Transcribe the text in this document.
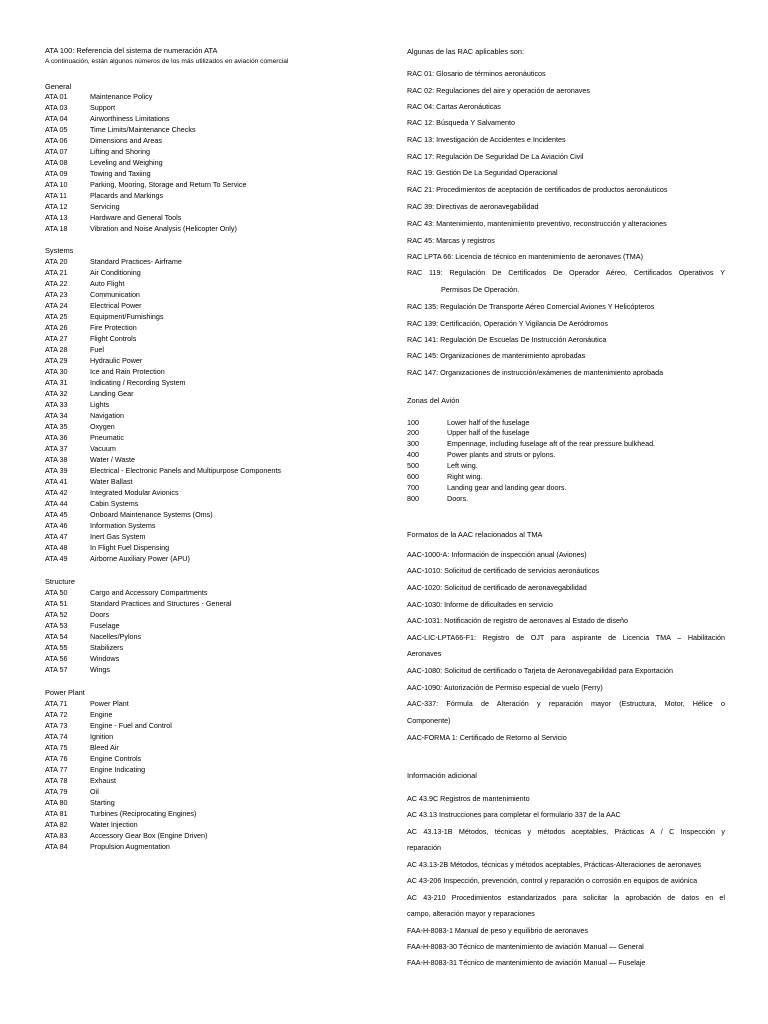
ATA 100: Referencia del sistema de numeración ATA
A continuación, están algunos números de los más utilizados en aviación comercial
General
ATA 01	Maintenance Policy
ATA 03	Support
ATA 04	Airworthiness Limitations
ATA 05	Time Limits/Maintenance Checks
ATA 06	Dimensions and Areas
ATA 07	Lifting and Shoring
ATA 08	Leveling and Weighing
ATA 09	Towing and Taxiing
ATA 10	Parking, Mooring, Storage and Return To Service
ATA 11	Placards and Markings
ATA 12	Servicing
ATA 13	Hardware and General Tools
ATA 18	Vibration and Noise Analysis (Helicopter Only)
Systems
ATA 20	Standard Practices- Airframe
ATA 21	Air Conditioning
ATA 22	Auto Flight
ATA 23	Communication
ATA 24	Electrical Power
ATA 25	Equipment/Furnishings
ATA 26	Fire Protection
ATA 27	Flight Controls
ATA 28	Fuel
ATA 29	Hydraulic Power
ATA 30	Ice and Rain Protection
ATA 31	Indicating / Recording System
ATA 32	Landing Gear
ATA 33	Lights
ATA 34	Navigation
ATA 35	Oxygen
ATA 36	Pneumatic
ATA 37	Vacuum
ATA 38	Water / Waste
ATA 39	Electrical - Electronic Panels and Multipurpose Components
ATA 41	Water Ballast
ATA 42	Integrated Modular Avionics
ATA 44	Cabin Systems
ATA 45	Onboard Maintenance Systems (Oms)
ATA 46	Information Systems
ATA 47	Inert Gas System
ATA 48	In Flight Fuel Dispensing
ATA 49	Airborne Auxiliary Power (APU)
Structure
ATA 50	Cargo and Accessory Compartments
ATA 51	Standard Practices and Structures - General
ATA 52	Doors
ATA 53	Fuselage
ATA 54	Nacelles/Pylons
ATA 55	Stabilizers
ATA 56	Windows
ATA 57	Wings
Power Plant
ATA 71	Power Plant
ATA 72	Engine
ATA 73	Engine - Fuel and Control
ATA 74	Ignition
ATA 75	Bleed Air
ATA 76	Engine Controls
ATA 77	Engine Indicating
ATA 78	Exhaust
ATA 79	Oil
ATA 80	Starting
ATA 81	Turbines (Reciprocating Engines)
ATA 82	Water Injection
ATA 83	Accessory Gear Box (Engine Driven)
ATA 84	Propulsion Augmentation
Algunas de las RAC aplicables son:
RAC 01: Glosario de términos aeronáuticos
RAC 02: Regulaciones del aire y operación de aeronaves
RAC 04: Cartas Aeronáuticas
RAC 12: Búsqueda Y Salvamento
RAC 13: Investigación de Accidentes e Incidentes
RAC 17: Regulación De Seguridad De La Aviación Civil
RAC 19: Gestión De La Seguridad Operacional
RAC 21: Procedimientos de aceptación de certificados de productos aeronáuticos
RAC 39: Directivas de aeronavegabilidad
RAC 43: Mantenimiento, mantenimiento preventivo, reconstrucción y alteraciones
RAC 45: Marcas y registros
RAC LPTA 66: Licencia de técnico en mantenimiento de aeronaves (TMA)
RAC 119: Regulación De Certificados De Operador Aéreo, Certificados Operativos Y
Permisos De Operación.
RAC 135: Regulación De Transporte Aéreo Comercial Aviones Y Helicópteros
RAC 139: Certificación, Operación Y Vigilancia De Aeródromos
RAC 141: Regulación De Escuelas De Instrucción Aeronáutica
RAC 145: Organizaciones de mantenimiento aprobadas
RAC 147: Organizaciones de instrucción/exámenes de mantenimiento aprobada
Zonas del Avión
100	Lower half of the fuselage
200	Upper half of the fuselage
300	Empennage, including fuselage aft of the rear pressure bulkhead.
400	Power plants and struts or pylons.
500	Left wing.
600	Right wing.
700	Landing gear and landing gear doors.
800	Doors.
Formatos de la AAC relacionados al TMA
AAC-1000-A: Información de inspección anual (Aviones)
AAC-1010: Solicitud de certificado de servicios aeronáuticos
AAC-1020: Solicitud de certificado de aeronavegabilidad
AAC-1030: Informe de dificultades en servicio
AAC-1031: Notificación de registro de aeronaves al Estado de diseño
AAC-LIC-LPTA66-F1: Registro de OJT para aspirante de Licencia TMA – Habilitación
Aeronaves
AAC-1080: Solicitud de certificado o Tarjeta de Aeronavegabilidad para Exportación
AAC-1090: Autorización de Permiso especial de vuelo (Ferry)
AAC-337: Fórmula de Alteración y reparación mayor (Estructura, Motor, Hélice o
Componente)
AAC-FORMA 1: Certificado de Retorno al Servicio
Información adicional
AC 43.9C Registros de mantenimiento
AC 43.13 Instrucciones para completar el formulario 337 de la AAC
AC 43.13-1B Métodos, técnicas y métodos aceptables, Prácticas A / C Inspección y
reparación
AC 43.13-2B Métodos, técnicas y métodos aceptables, Prácticas-Alteraciones de aeronaves
AC 43-206 Inspección, prevención, control y reparación o corrosión en equipos de aviónica
AC 43-210 Procedimientos estandarizados para solicitar la aprobación de datos en el
campo, alteración mayor y reparaciones
FAA-H-8083-1 Manual de peso y equilibrio de aeronaves
FAA-H-8083-30 Técnico de mantenimiento de aviación Manual — General
FAA-H-8083-31 Técnico de mantenimiento de aviación Manual — Fuselaje
